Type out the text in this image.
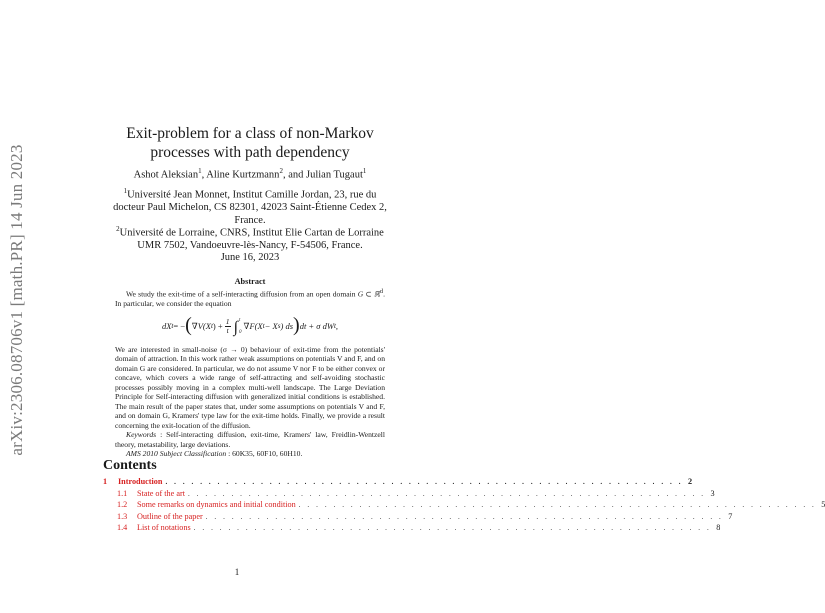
arXiv:2306.08706v1 [math.PR] 14 Jun 2023
Exit-problem for a class of non-Markov
processes with path dependency
Ashot Aleksian$^1$, Aline Kurtzmann$^2$, and Julian Tugaut$^1$
$^1$Université Jean Monnet, Institut Camille Jordan, 23, rue du
docteur Paul Michelon, CS 82301, 42023 Saint-Étienne Cedex 2,
France.
$^2$Université de Lorraine, CNRS, Institut Elie Cartan de Lorraine
UMR 7502, Vandoeuvre-lès-Nancy, F-54506, France.
June 16, 2023
Abstract

We study the exit-time of a self-interacting diffusion from an open domain G ⊂ ℝ$^d$. In particular, we consider the equation

dX t = − ( ∇V(X t ) + $\frac{1}{t}$ ∫ t
0
∇F(X t − X s ) ds ) dt + σ dW t ,

We are interested in small-noise (σ → 0) behaviour of exit-time from the potentials' domain of attraction. In this work rather weak assumptions on potentials V and F, and on domain G are considered. In particular, we do not assume V nor F to be either convex or concave, which covers a wide range of self-attracting and self-avoiding stochastic processes possibly moving in a complex multi-well landscape. The Large Deviation Principle for Self-interacting diffusion with generalized initial conditions is established. The main result of the paper states that, under some assumptions on potentials V and F, and on domain G, Kramers' type law for the exit-time holds. Finally, we provide a result concerning the exit-location of the diffusion.

Keywords : Self-interacting diffusion, exit-time, Kramers' law, Freidlin-Wentzell theory, metastability, large deviations.

AMS 2010 Subject Classification : 60K35, 60F10, 60H10.

Contents
1	Introduction . . . . . . . . . . . . . . . . . . . . . . . . . . . . . . . . . . . . . . . . . . . . . . . . . . . . . . . . . . . . 2
1.1	State of the art . . . . . . . . . . . . . . . . . . . . . . . . . . . . . . . . . . . . . . . . . . . . . . . . . . . . . . . . . . . . 3
1.2	Some remarks on dynamics and initial condition . . . . . . . . . . . . . . . . . . . . . . . . . . . . . . . . . . . . . . . . . . . . . . . . . . . . . . . . . . . . 5
1.3	Outline of the paper . . . . . . . . . . . . . . . . . . . . . . . . . . . . . . . . . . . . . . . . . . . . . . . . . . . . . . . . . . . . 7
1.4	List of notations . . . . . . . . . . . . . . . . . . . . . . . . . . . . . . . . . . . . . . . . . . . . . . . . . . . . . . . . . . . . 8
1
